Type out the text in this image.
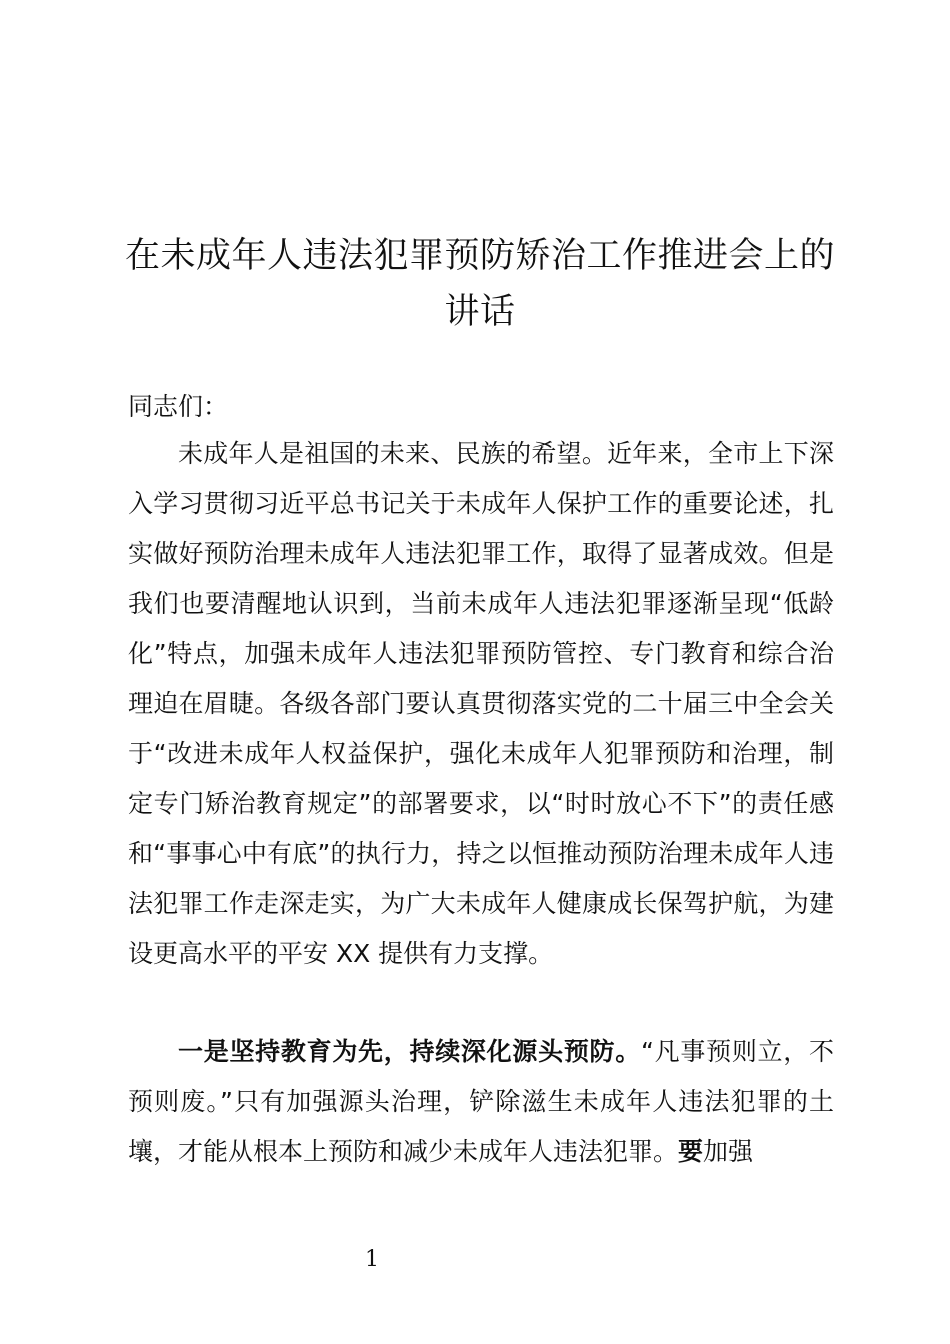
在未成年人违法犯罪预防矫治工作推进会上的讲话

同志们：

未成年人是祖国的未来、民族的希望。近年来，全市上下深入学习贯彻习近平总书记关于未成年人保护工作的重要论述，扎实做好预防治理未成年人违法犯罪工作，取得了显著成效。但是我们也要清醒地认识到，当前未成年人违法犯罪逐渐呈现“低龄化”特点，加强未成年人违法犯罪预防管控、专门教育和综合治理迫在眉睫。各级各部门要认真贯彻落实党的二十届三中全会关于“改进未成年人权益保护，强化未成年人犯罪预防和治理，制定专门矫治教育规定”的部署要求，以“时时放心不下”的责任感和“事事心中有底”的执行力，持之以恒推动预防治理未成年人违法犯罪工作走深走实，为广大未成年人健康成长保驾护航，为建设更高水平的平安 XX 提供有力支撑。

一是坚持教育为先，持续深化源头预防。“凡事预则立，不预则废。”只有加强源头治理，铲除滋生未成年人违法犯罪的土壤，才能从根本上预防和减少未成年人违法犯罪。要加强

1
